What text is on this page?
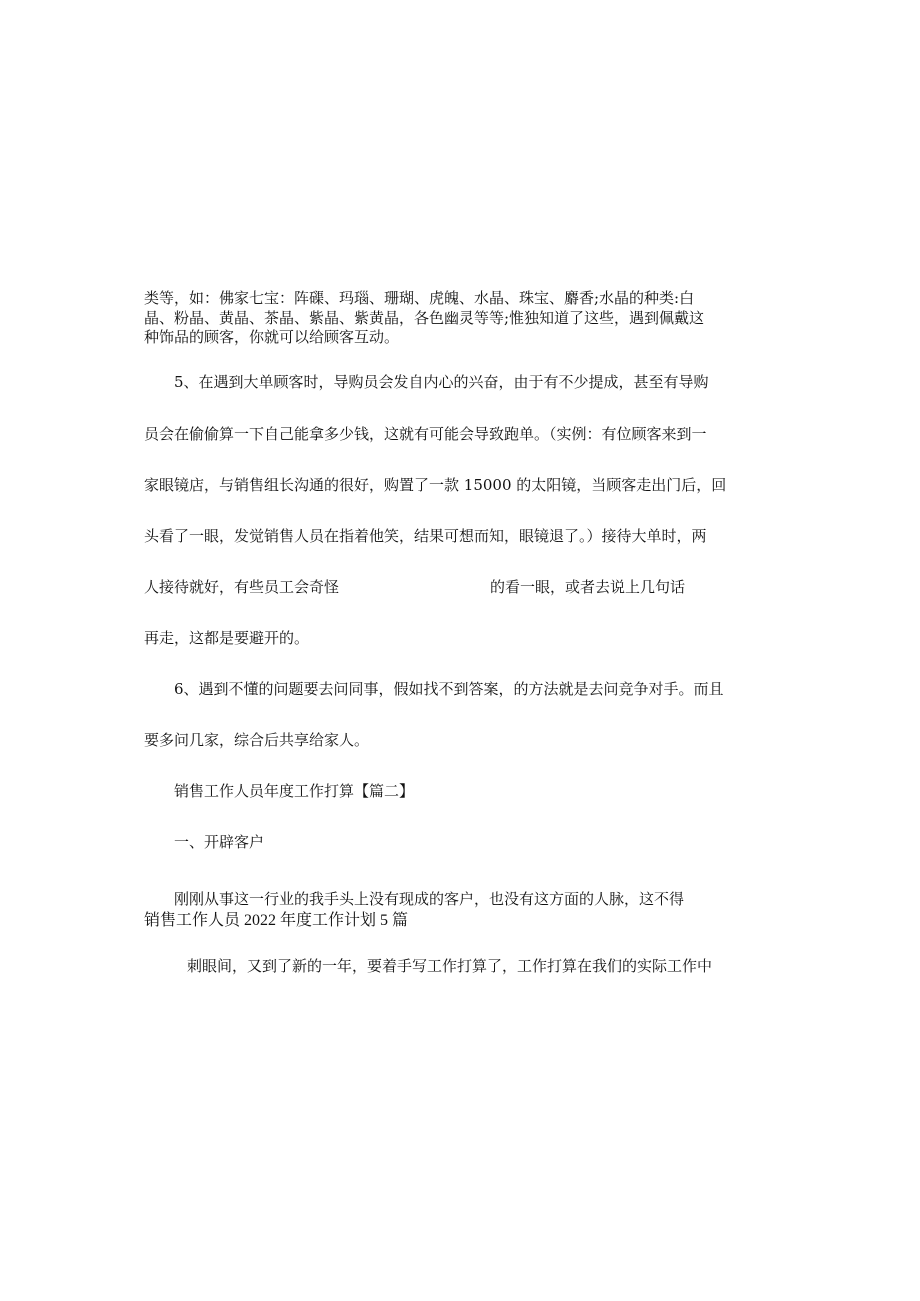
类等，如：佛家七宝：阵磲、玛瑙、珊瑚、虎魄、水晶、珠宝、麝香;水晶的种类:白
晶、粉晶、黄晶、茶晶、紫晶、紫黄晶，各色幽灵等等;惟独知道了这些，遇到佩戴这
种饰品的顾客，你就可以给顾客互动。
5、在遇到大单顾客时，导购员会发自内心的兴奋，由于有不少提成，甚至有导购
员会在偷偷算一下自己能拿多少钱，这就有可能会导致跑单。（实例：有位顾客来到一
家眼镜店，与销售组长沟通的很好，购置了一款 15000 的太阳镜，当顾客走出门后，回
头看了一眼，发觉销售人员在指着他笑，结果可想而知，眼镜退了。）接待大单时，两
人接待就好，有些员工会奇怪	的看一眼，或者去说上几句话
再走，这都是要避开的。
6、遇到不懂的问题要去问同事，假如找不到答案，的方法就是去问竞争对手。而且
要多问几家，综合后共享给家人。
销售工作人员年度工作打算【篇二】
一、开辟客户
刚刚从事这一行业的我手头上没有现成的客户，也没有这方面的人脉，这不得
销售工作人员 2022 年度工作计划 5 篇
刺眼间，又到了新的一年，要着手写工作打算了，工作打算在我们的实际工作中
